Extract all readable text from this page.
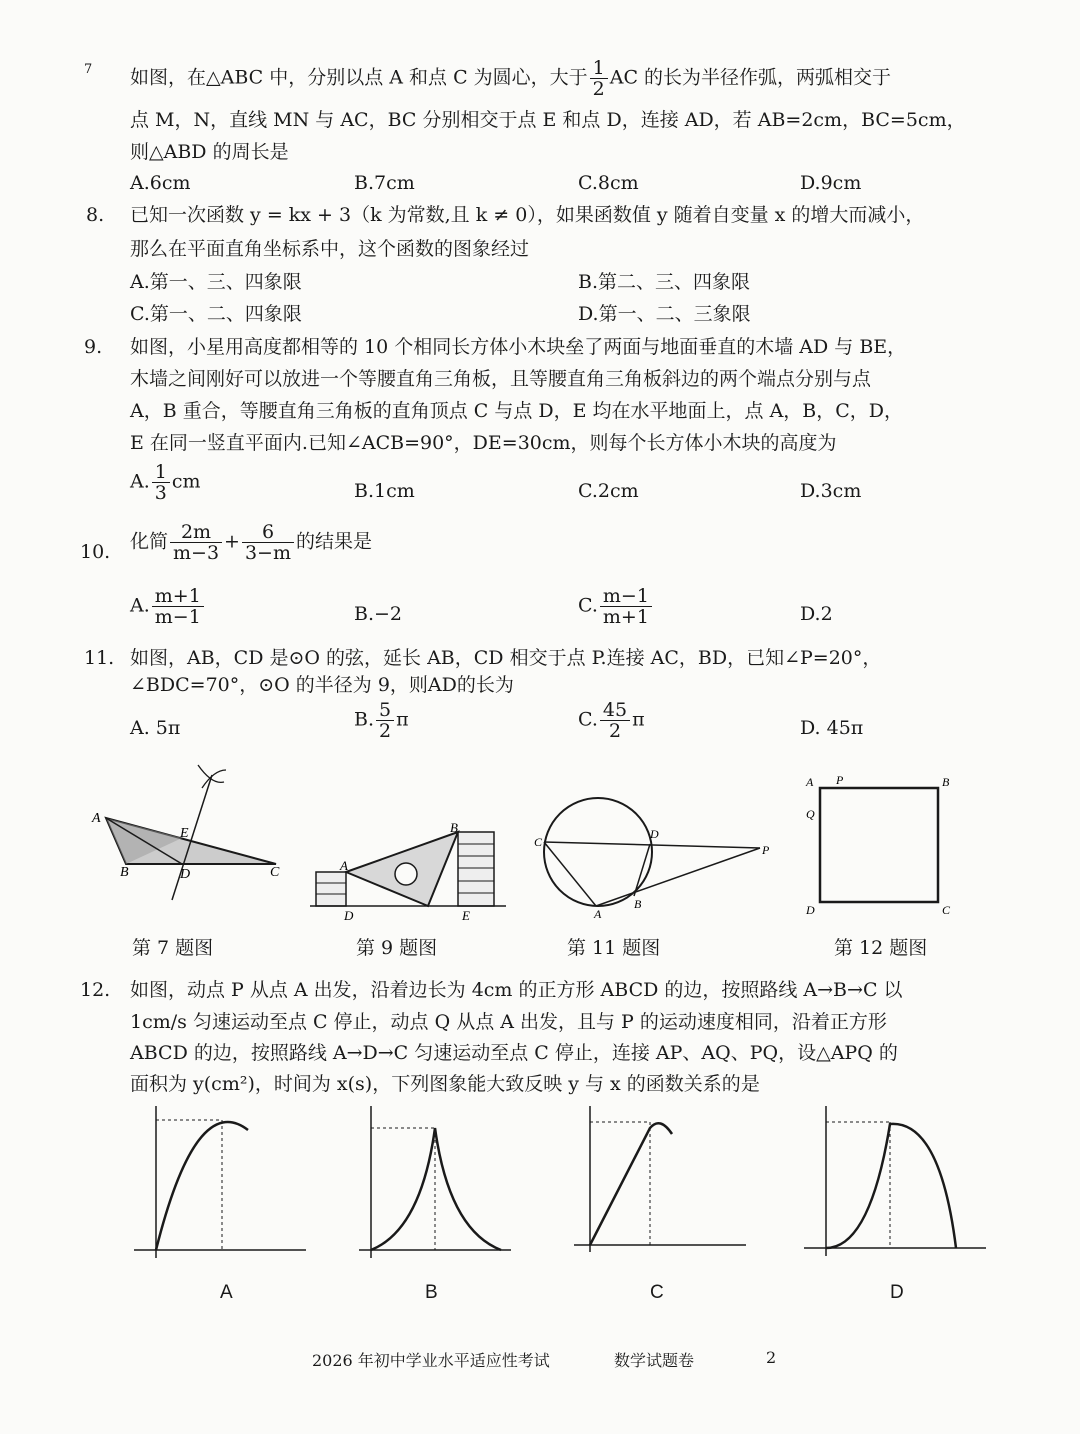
7 如图，在△ABC 中，分别以点 A 和点 C 为圆心，大于 $\frac{1}{2}$ AC 的长为半径作弧，两弧相交于
点 M，N，直线 MN 与 AC，BC 分别相交于点 E 和点 D，连接 AD，若 AB=2cm，BC=5cm，
则△ABD 的周长是
A.6cm	B.7cm	C.8cm	D.9cm
8. 已知一次函数 y = kx + 3（k 为常数,且 k ≠ 0），如果函数值 y 随着自变量 x 的增大而减小，
那么在平面直角坐标系中，这个函数的图象经过
A.第一、三、四象限	B.第二、三、四象限
C.第一、二、四象限	D.第一、二、三象限
9. 如图，小星用高度都相等的 10 个相同长方体小木块垒了两面与地面垂直的木墙 AD 与 BE，
木墙之间刚好可以放进一个等腰直角三角板，且等腰直角三角板斜边的两个端点分别与点
A，B 重合，等腰直角三角板的直角顶点 C 与点 D，E 均在水平地面上，点 A，B，C，D，
E 在同一竖直平面内.已知∠ACB=90°，DE=30cm，则每个长方体小木块的高度为
A. $\frac{1}{3}$ cm	B.1cm	C.2cm	D.3cm
10. 化简 $\frac{2m}{m-3} + \frac{6}{3-m}$ 的结果是
A. $\frac{m+1}{m-1}$	B.−2	C. $\frac{m-1}{m+1}$	D.2
11. 如图，AB，CD 是⊙O 的弦，延长 AB，CD 相交于点 P.连接 AC，BD，已知∠P=20°，
∠BDC=70°，⊙O 的半径为 9，则AD的长为
A. 5π	B. $\frac{5}{2}$ π	C. $\frac{45}{2}$ π	D. 45π
A
B	C
D
E
A
B
D	E
C
D
P
A
B
A P	B
Q
D	C
第 7 题图	第 9 题图	第 11 题图	第 12 题图
12. 如图，动点 P 从点 A 出发，沿着边长为 4cm 的正方形 ABCD 的边，按照路线 A→B→C 以
1cm/s 匀速运动至点 C 停止，动点 Q 从点 A 出发，且与 P 的运动速度相同，沿着正方形
ABCD 的边，按照路线 A→D→C 匀速运动至点 C 停止，连接 AP、AQ、PQ，设△APQ 的
面积为 y(cm²)，时间为 x(s)，下列图象能大致反映 y 与 x 的函数关系的是
A	B	C	D
2026 年初中学业水平适应性考试	数学试题卷	2
